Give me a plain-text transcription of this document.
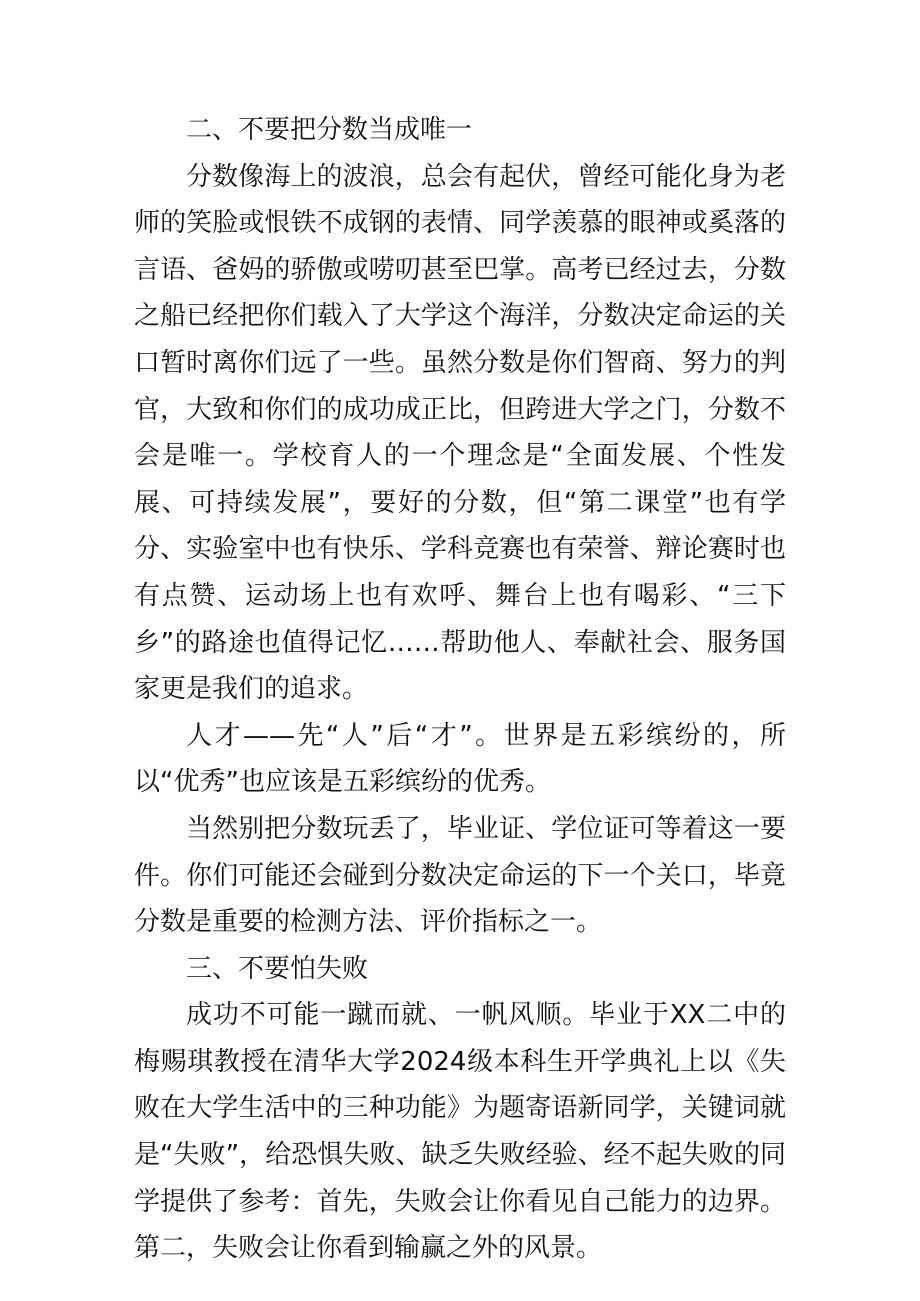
二、不要把分数当成唯一

分数像海上的波浪，总会有起伏，曾经可能化身为老师的笑脸或恨铁不成钢的表情、同学羡慕的眼神或奚落的言语、爸妈的骄傲或唠叨甚至巴掌。高考已经过去，分数之船已经把你们载入了大学这个海洋，分数决定命运的关口暂时离你们远了一些。虽然分数是你们智商、努力的判官，大致和你们的成功成正比，但跨进大学之门，分数不会是唯一。学校育人的一个理念是“全面发展、个性发展、可持续发展”，要好的分数，但“第二课堂”也有学分、实验室中也有快乐、学科竞赛也有荣誉、辩论赛时也有点赞、运动场上也有欢呼、舞台上也有喝彩、“三下乡”的路途也值得记忆……帮助他人、奉献社会、服务国家更是我们的追求。

人才——先“人”后“才”。世界是五彩缤纷的，所以“优秀”也应该是五彩缤纷的优秀。

当然别把分数玩丢了，毕业证、学位证可等着这一要件。你们可能还会碰到分数决定命运的下一个关口，毕竟分数是重要的检测方法、评价指标之一。

三、不要怕失败

成功不可能一蹴而就、一帆风顺。毕业于XX二中的梅赐琪教授在清华大学2024级本科生开学典礼上以《失败在大学生活中的三种功能》为题寄语新同学，关键词就是“失败”，给恐惧失败、缺乏失败经验、经不起失败的同学提供了参考：首先，失败会让你看见自己能力的边界。第二，失败会让你看到输赢之外的风景。
